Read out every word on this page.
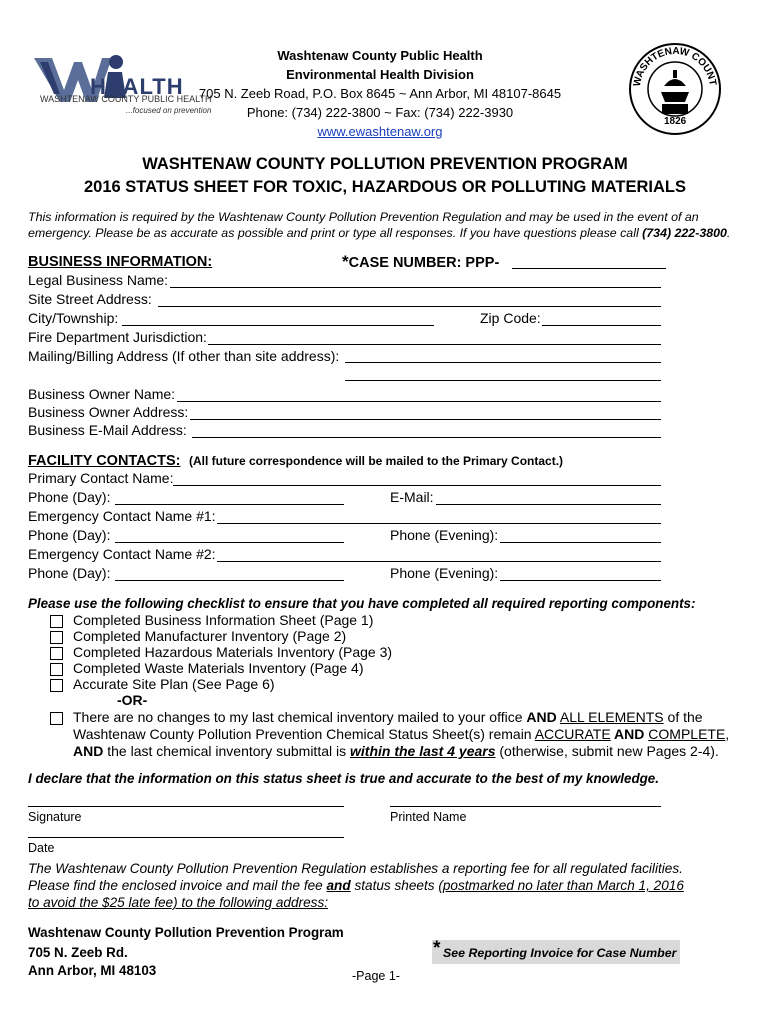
HEALTH
WASHTENAW COUNTY PUBLIC HEALTH
...focused on prevention
Washtenaw County Public Health
Environmental Health Division
705 N. Zeeb Road, P.O. Box 8645 ~ Ann Arbor, MI 48107-8645
Phone: (734) 222-3800 ~ Fax: (734) 222-3930
www.ewashtenaw.org
WASHTENAW COUNT
1826
WASHTENAW COUNTY POLLUTION PREVENTION PROGRAM
2016 STATUS SHEET FOR TOXIC, HAZARDOUS OR POLLUTING MATERIALS
This information is required by the Washtenaw County Pollution Prevention Regulation and may be used in the event of an
emergency. Please be as accurate as possible and print or type all responses. If you have questions please call (734) 222-3800.
BUSINESS INFORMATION:	*CASE NUMBER: PPP-
Legal Business Name:
Site Street Address:
City/Township:	Zip Code:
Fire Department Jurisdiction:
Mailing/Billing Address (If other than site address):
Business Owner Name:
Business Owner Address:
Business E-Mail Address:
FACILITY CONTACTS: (All future correspondence will be mailed to the Primary Contact.)
Primary Contact Name:
Phone (Day):	E-Mail:
Emergency Contact Name #1:
Phone (Day):	Phone (Evening):
Emergency Contact Name #2:
Phone (Day):	Phone (Evening):
Please use the following checklist to ensure that you have completed all required reporting components:
Completed Business Information Sheet (Page 1)
Completed Manufacturer Inventory (Page 2)
Completed Hazardous Materials Inventory (Page 3)
Completed Waste Materials Inventory (Page 4)
Accurate Site Plan (See Page 6)
-OR-
There are no changes to my last chemical inventory mailed to your office AND ALL ELEMENTS of the
Washtenaw County Pollution Prevention Chemical Status Sheet(s) remain ACCURATE AND COMPLETE,
AND the last chemical inventory submittal is within the last 4 years (otherwise, submit new Pages 2-4).
I declare that the information on this status sheet is true and accurate to the best of my knowledge.
Signature	Printed Name
Date
The Washtenaw County Pollution Prevention Regulation establishes a reporting fee for all regulated facilities.
Please find the enclosed invoice and mail the fee and status sheets (postmarked no later than March 1, 2016
to avoid the $25 late fee) to the following address:
Washtenaw County Pollution Prevention Program
705 N. Zeeb Rd.
Ann Arbor, MI 48103
* See Reporting Invoice for Case Number
-Page 1-
